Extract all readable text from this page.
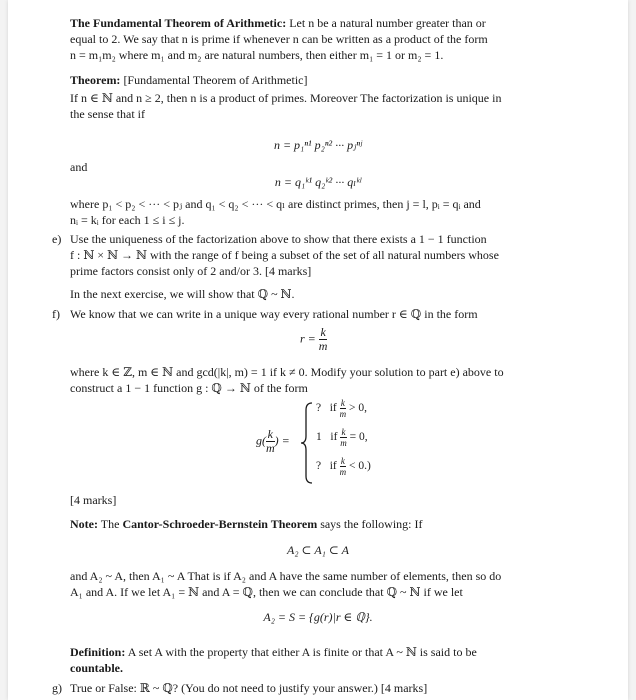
The Fundamental Theorem of Arithmetic: Let n be a natural number greater than or
equal to 2. We say that n is prime if whenever n can be written as a product of the form
n = m₁m₂ where m₁ and m₂ are natural numbers, then either m₁ = 1 or m₂ = 1.
Theorem: [Fundamental Theorem of Arithmetic]
If n ∈ ℕ and n ≥ 2, then n is a product of primes. Moreover The factorization is unique in
the sense that if
n = p₁ⁿ¹ p₂ⁿ² ··· pⱼⁿʲ
and
n = q₁ᵏ¹ q₂ᵏ² ··· qₗᵏˡ
where p₁ < p₂ < ··· < pⱼ and q₁ < q₂ < ··· < qₗ are distinct primes, then j = l, pᵢ = qᵢ and
nᵢ = kᵢ for each 1 ≤ i ≤ j.
e) Use the uniqueness of the factorization above to show that there exists a 1 − 1 function
f : ℕ × ℕ → ℕ with the range of f being a subset of the set of all natural numbers whose
prime factors consist only of 2 and/or 3. [4 marks]
In the next exercise, we will show that ℚ ~ ℕ.
f) We know that we can write in a unique way every rational number r ∈ ℚ in the form
$r = \frac{k}{m}$
where k ∈ ℤ, m ∈ ℕ and gcd(|k|, m) = 1 if k ≠ 0. Modify your solution to part e) above to
construct a 1 − 1 function g : ℚ → ℕ of the form
$g( \frac{k}{m}$ ) =
? if $\frac{k}{m} > 0$,
1 if $\frac{k}{m} = 0$,
? if $\frac{k}{m} < 0$.)
[4 marks]
Note: The Cantor-Schroeder-Bernstein Theorem says the following: If
A₂ ⊂ A₁ ⊂ A
and A₂ ~ A, then A₁ ~ A That is if A₂ and A have the same number of elements, then so do
A₁ and A. If we let A₁ = ℕ and A = ℚ, then we can conclude that ℚ ~ ℕ if we let
A₂ = S = {g(r)|r ∈ ℚ}.
Definition: A set A with the property that either A is finite or that A ~ ℕ is said to be
countable.
g) True or False: ℝ ~ ℚ? (You do not need to justify your answer.) [4 marks]
